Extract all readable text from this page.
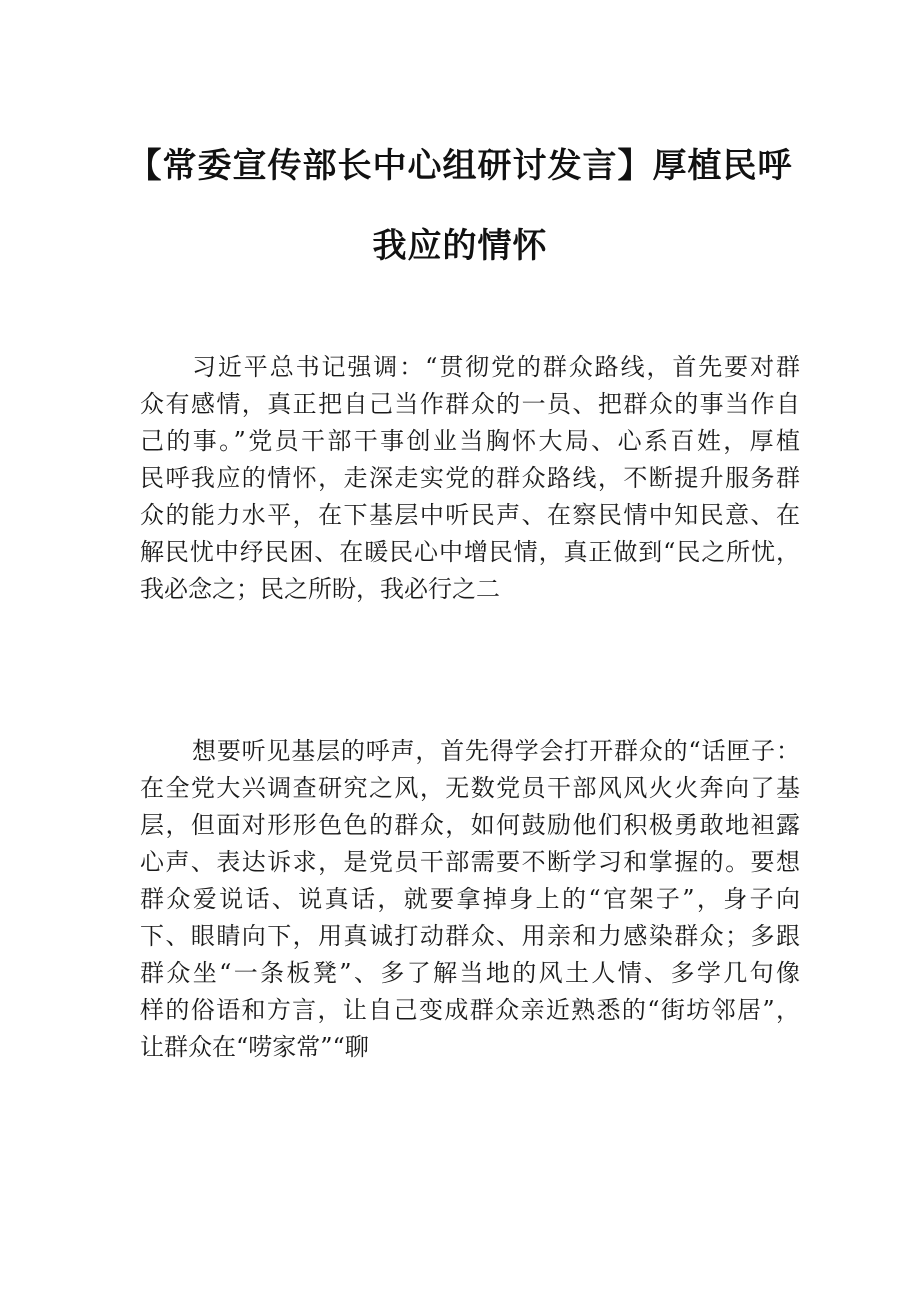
【常委宣传部长中心组研讨发言】厚植民呼
我应的情怀
习近平总书记强调：“贯彻党的群众路线，首先要对群
众有感情，真正把自己当作群众的一员、把群众的事当作自
己的事。”党员干部干事创业当胸怀大局、心系百姓，厚植
民呼我应的情怀，走深走实党的群众路线，不断提升服务群
众的能力水平，在下基层中听民声、在察民情中知民意、在
解民忧中纾民困、在暖民心中增民情，真正做到“民之所忧，
我必念之；民之所盼，我必行之二
想要听见基层的呼声，首先得学会打开群众的“话匣子：
在全党大兴调查研究之风，无数党员干部风风火火奔向了基
层，但面对形形色色的群众，如何鼓励他们积极勇敢地袒露
心声、表达诉求，是党员干部需要不断学习和掌握的。要想
群众爱说话、说真话，就要拿掉身上的“官架子”，身子向
下、眼睛向下，用真诚打动群众、用亲和力感染群众；多跟
群众坐“一条板凳”、多了解当地的风土人情、多学几句像
样的俗语和方言，让自己变成群众亲近熟悉的“街坊邻居”，
让群众在“唠家常”“聊
